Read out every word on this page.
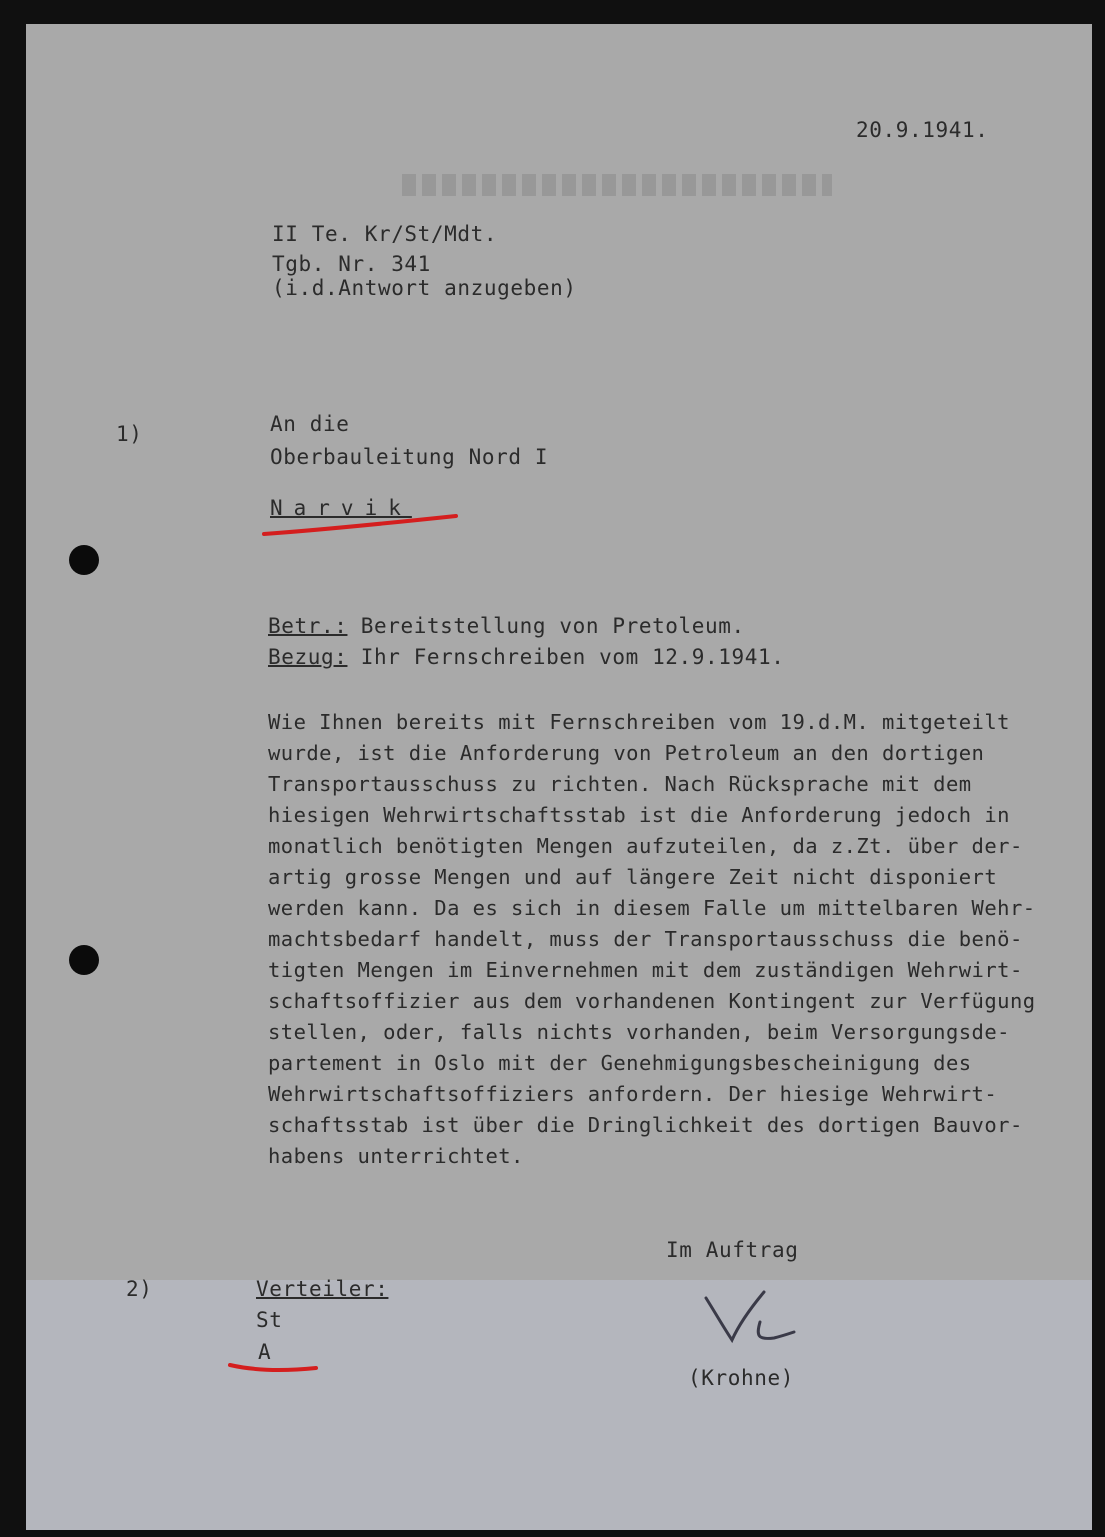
20.9.1941.
II Te. Kr/St/Mdt.
Tgb. Nr. 341
(i.d.Antwort anzugeben)
1)	An die
Oberbauleitung Nord I
Narvik
Betr.: Bereitstellung von Pretoleum.
Bezug: Ihr Fernschreiben vom 12.9.1941.
Wie Ihnen bereits mit Fernschreiben vom 19.d.M. mitgeteilt
wurde, ist die Anforderung von Petroleum an den dortigen
Transportausschuss zu richten. Nach Rücksprache mit dem
hiesigen Wehrwirtschaftsstab ist die Anforderung jedoch in
monatlich benötigten Mengen aufzuteilen, da z.Zt. über der-
artig grosse Mengen und auf längere Zeit nicht disponiert
werden kann. Da es sich in diesem Falle um mittelbaren Wehr-
machtsbedarf handelt, muss der Transportausschuss die benö-
tigten Mengen im Einvernehmen mit dem zuständigen Wehrwirt-
schaftsoffizier aus dem vorhandenen Kontingent zur Verfügung
stellen, oder, falls nichts vorhanden, beim Versorgungsde-
partement in Oslo mit der Genehmigungsbescheinigung des
Wehrwirtschaftsoffiziers anfordern. Der hiesige Wehrwirt-
schaftsstab ist über die Dringlichkeit des dortigen Bauvor-
habens unterrichtet.
Im Auftrag
2)	Verteiler:
St
A
(Krohne)
